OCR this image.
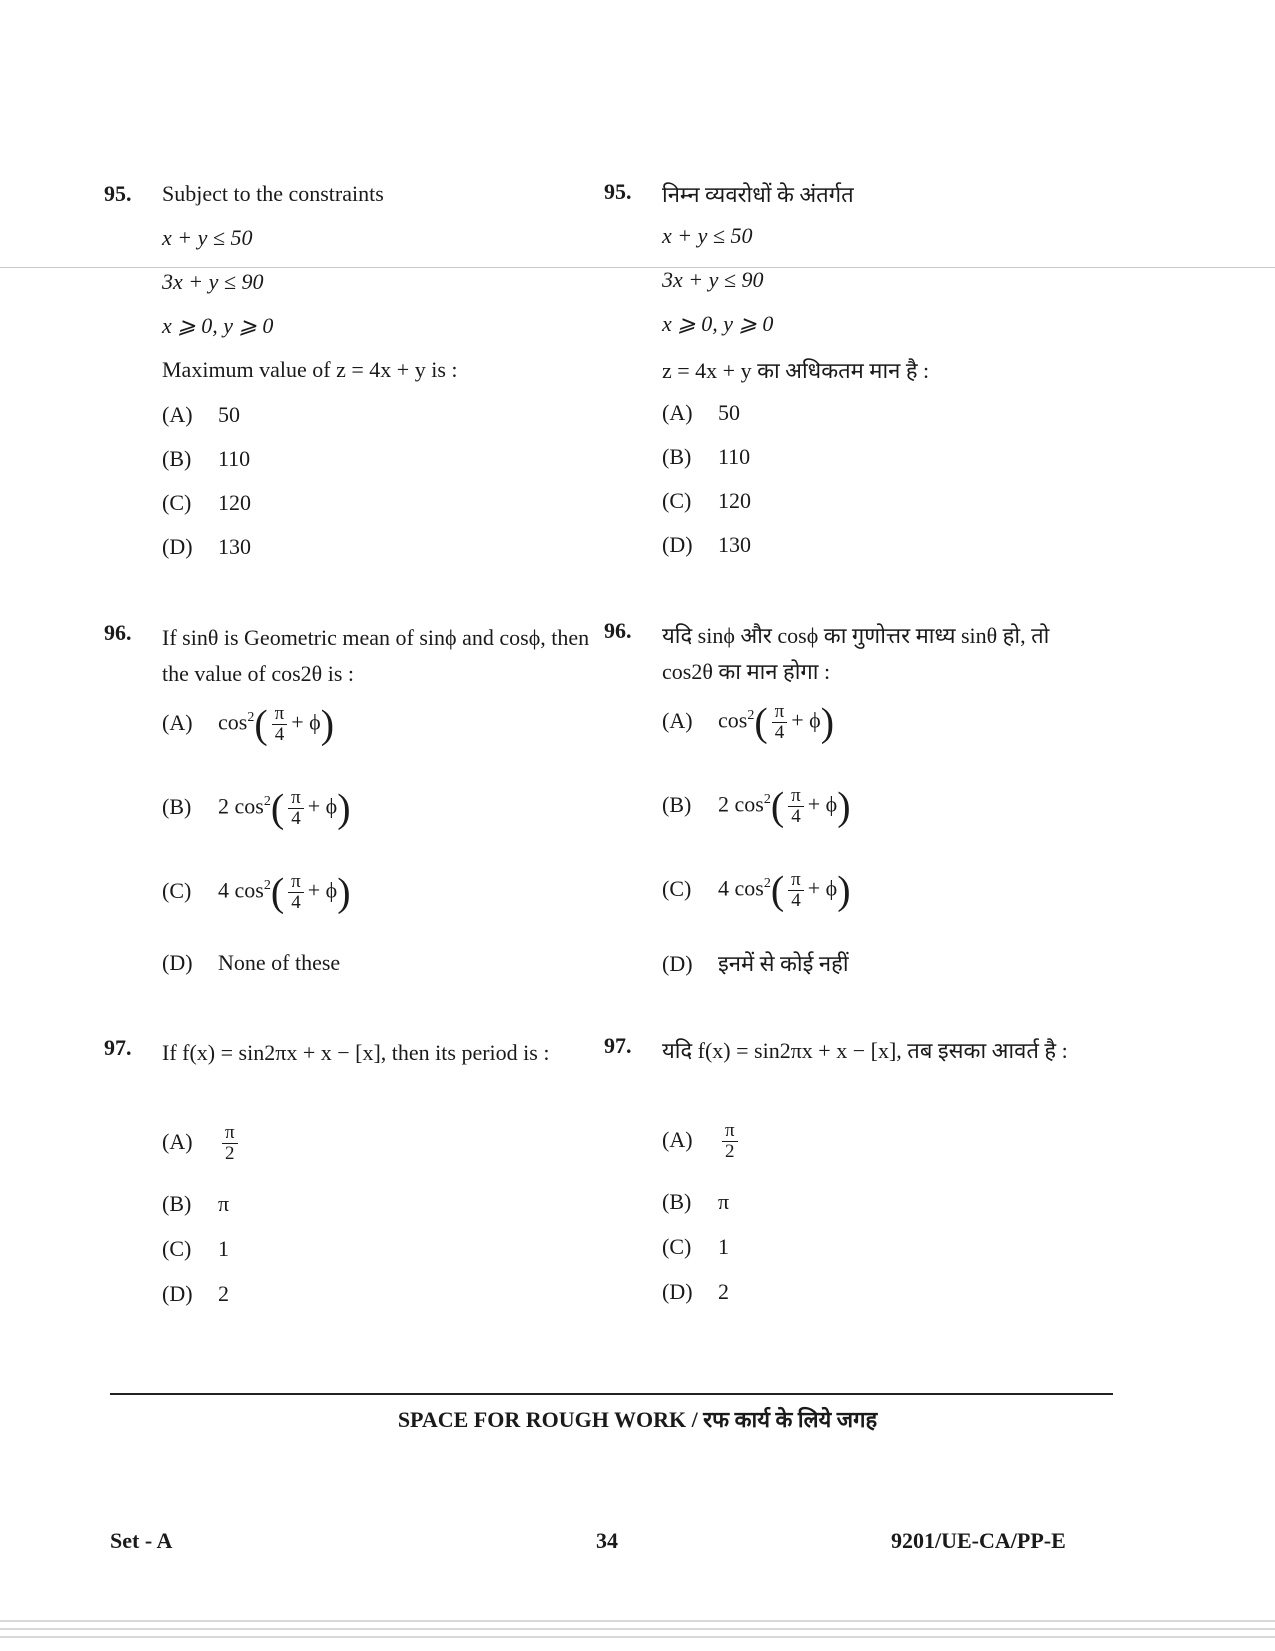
95. Subject to the constraints
x + y ≤ 50
3x + y ≤ 90
x ⩾ 0, y ⩾ 0
Maximum value of z = 4x + y is :
(A) 50
(B) 110
(C) 120
(D) 130
96. If sinθ is Geometric mean of sinϕ and cosϕ, then the value of cos2θ is :
(A) $\cos^2( \frac{\pi}{4} + \phi)$
(B) 2 $\cos^2( \frac{\pi}{4} + \phi)$
(C) 4 $\cos^2( \frac{\pi}{4} + \phi)$
(D) None of these
97. If f(x) = sin2πx + x − [x], then its period is :
$(A) \frac{\pi}{2}$
(B) π
(C) 1
(D) 2
95. निम्न व्यवरोधों के अंतर्गत
x + y ≤ 50
3x + y ≤ 90
x ⩾ 0, y ⩾ 0
z = 4x + y का अधिकतम मान है :
(A) 50
(B) 110
(C) 120
(D) 130
96. यदि sinϕ और cosϕ का गुणोत्तर माध्य sinθ हो, तो cos2θ का मान होगा :
(A) $\cos^2( \frac{\pi}{4} + \phi)$
(B) 2 $\cos^2( \frac{\pi}{4} + \phi)$
(C) 4 $\cos^2( \frac{\pi}{4} + \phi)$
(D) इनमें से कोई नहीं
97. यदि f(x) = sin2πx + x − [x], तब इसका आवर्त है :
$(A) \frac{\pi}{2}$
(B) π
(C) 1
(D) 2
SPACE FOR ROUGH WORK / रफ कार्य के लिये जगह
Set - A	34	9201/UE-CA/PP-E
